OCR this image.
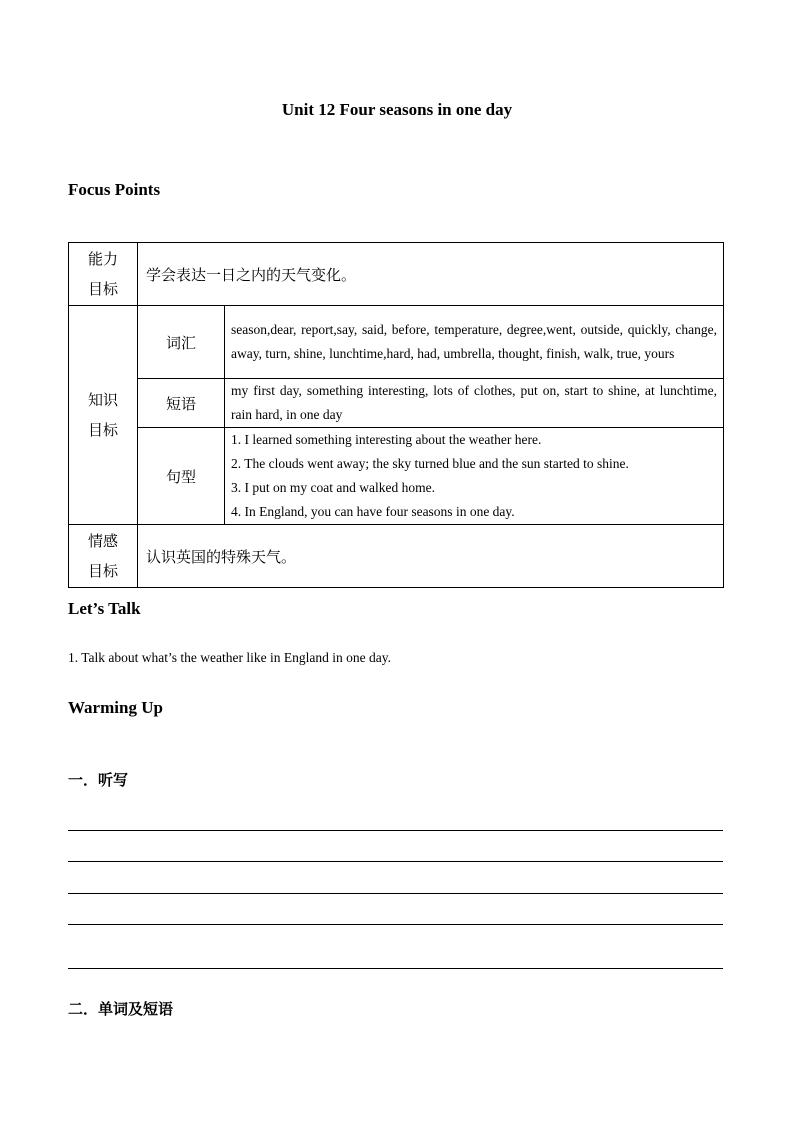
Unit 12 Four seasons in one day
Focus Points
能力
目标	学会表达一日之内的天气变化。	

知识
目标	词汇	season,dear, report,say, said, before, temperature, degree,went, outside, quickly, change, away, turn, shine, lunchtime,hard, had, umbrella, thought, finish, walk, true, yours
	短语	my first day, something interesting, lots of clothes, put on, start to shine, at lunchtime, rain hard, in one day
	句型	1. I learned something interesting about the weather here.
2. The clouds went away; the sky turned blue and the sun started to shine.
3. I put on my coat and walked home.
4. In England, you can have four seasons in one day.

情感
目标	认识英国的特殊天气。	
Let’s Talk
1. Talk about what’s the weather like in England in one day.
Warming Up
一．听写
二．单词及短语
